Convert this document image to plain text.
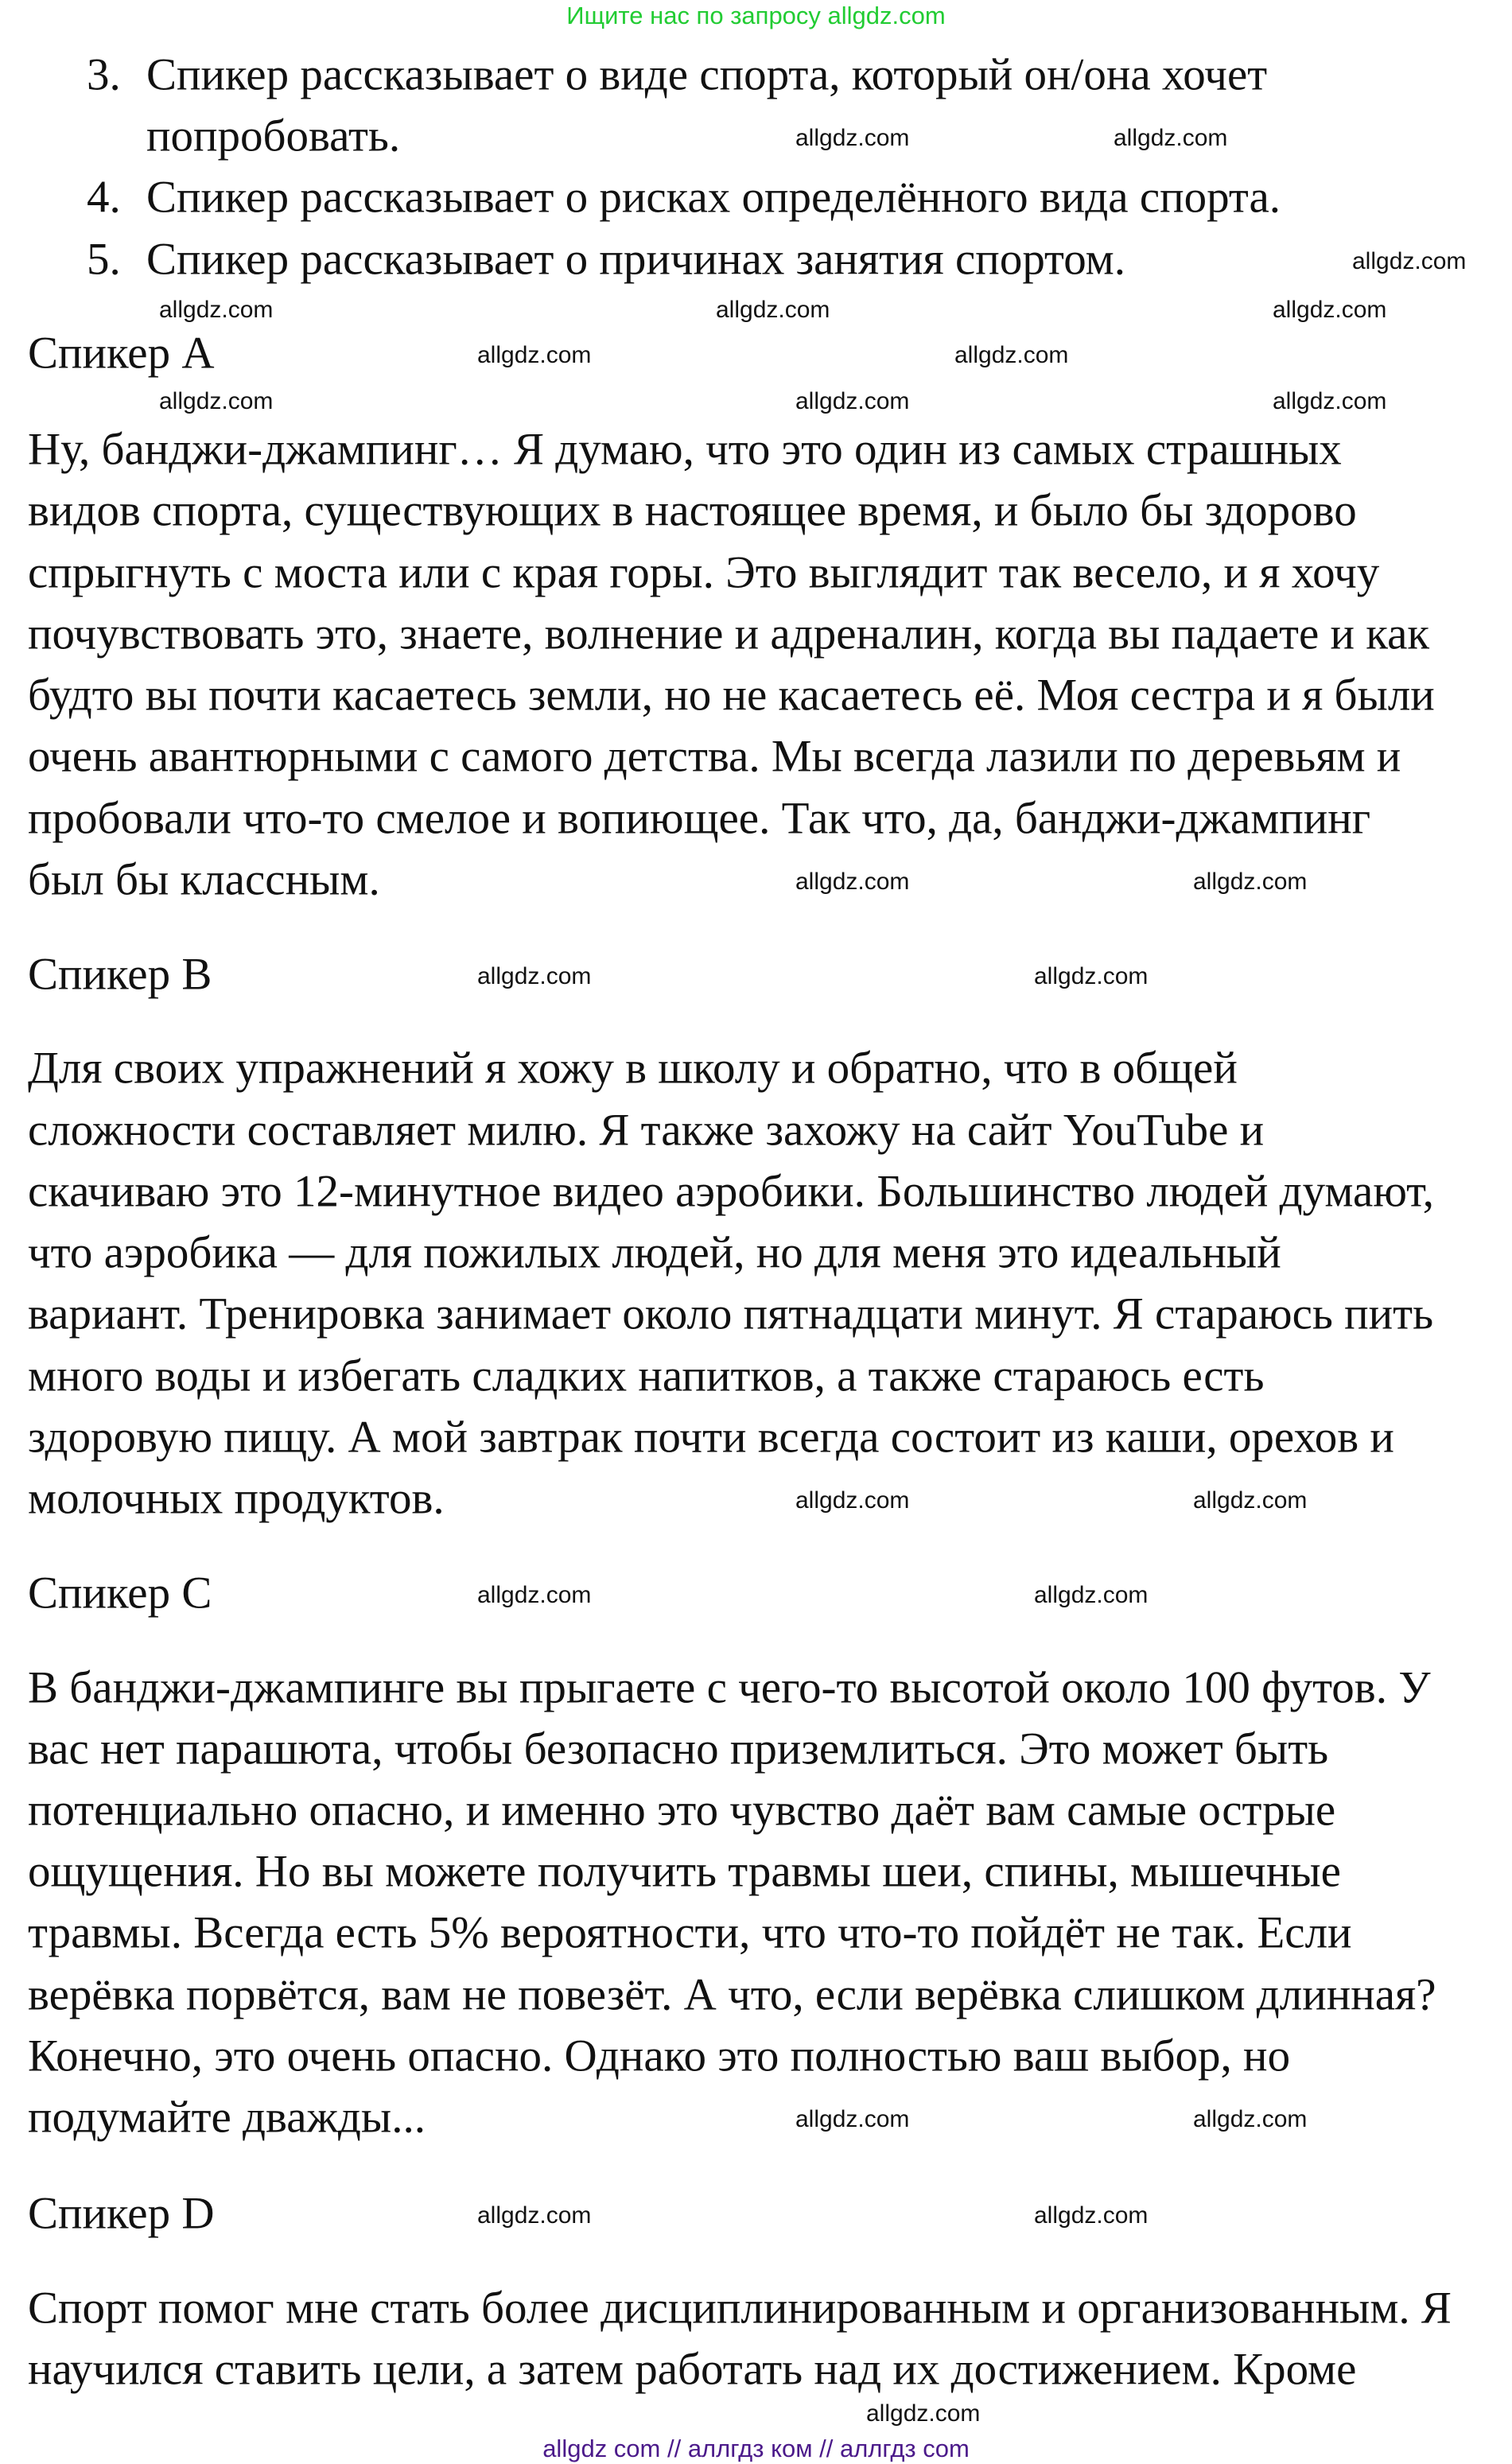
Ищите нас по запросу allgdz.com
3. Спикер рассказывает о виде спорта, который он/она хочет
попробовать.
4. Спикер рассказывает о рисках определённого вида спорта.
5. Спикер рассказывает о причинах занятия спортом.
Спикер A
Ну, банджи-джампинг… Я думаю, что это один из самых страшных
видов спорта, существующих в настоящее время, и было бы здорово
спрыгнуть с моста или с края горы. Это выглядит так весело, и я хочу
почувствовать это, знаете, волнение и адреналин, когда вы падаете и как
будто вы почти касаетесь земли, но не касаетесь её. Моя сестра и я были
очень авантюрными с самого детства. Мы всегда лазили по деревьям и
пробовали что-то смелое и вопиющее. Так что, да, банджи-джампинг
был бы классным.
Спикер B
Для своих упражнений я хожу в школу и обратно, что в общей
сложности составляет милю. Я также захожу на сайт YouTube и
скачиваю это 12-минутное видео аэробики. Большинство людей думают,
что аэробика — для пожилых людей, но для меня это идеальный
вариант. Тренировка занимает около пятнадцати минут. Я стараюсь пить
много воды и избегать сладких напитков, а также стараюсь есть
здоровую пищу. А мой завтрак почти всегда состоит из каши, орехов и
молочных продуктов.
Спикер C
В банджи-джампинге вы прыгаете с чего-то высотой около 100 футов. У
вас нет парашюта, чтобы безопасно приземлиться. Это может быть
потенциально опасно, и именно это чувство даёт вам самые острые
ощущения. Но вы можете получить травмы шеи, спины, мышечные
травмы. Всегда есть 5% вероятности, что что-то пойдёт не так. Если
верёвка порвётся, вам не повезёт. А что, если верёвка слишком длинная?
Конечно, это очень опасно. Однако это полностью ваш выбор, но
подумайте дважды...
Спикер D
Спорт помог мне стать более дисциплинированным и организованным. Я
научился ставить цели, а затем работать над их достижением. Кроме
allgdz.com	allgdz.com
allgdz.com
allgdz.com	allgdz.com	allgdz.com
allgdz.com	allgdz.com
allgdz.com	allgdz.com	allgdz.com
allgdz.com	allgdz.com
allgdz.com	allgdz.com
allgdz.com	allgdz.com
allgdz.com	allgdz.com
allgdz.com	allgdz.com
allgdz.com	allgdz.com
allgdz.com
allgdz com // аллгдз ком // аллгдз com
